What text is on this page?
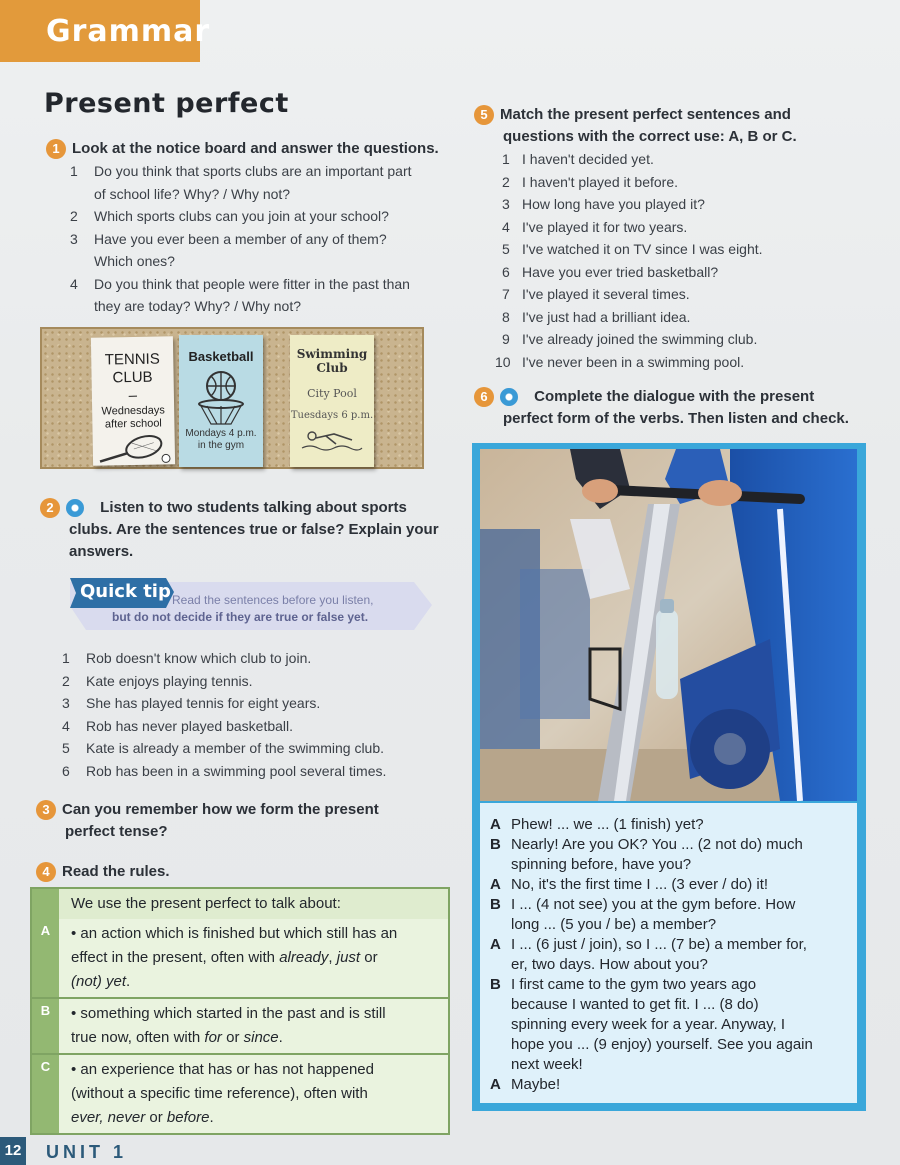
Grammar
Present perfect
1 Look at the notice board and answer the questions.
1 Do you think that sports clubs are an important part
of school life? Why? / Why not?
2 Which sports clubs can you join at your school?
3 Have you ever been a member of any of them?
Which ones?
4 Do you think that people were fitter in the past than
they are today? Why? / Why not?
TENNIS
CLUB
–
Wednesdays
after school
Basketball
Mondays 4 p.m.
in the gym
Swimming
Club
City Pool
Tuesdays 6 p.m.
2	Listen to two students talking about sports
clubs. Are the sentences true or false? Explain your
answers.
Quick tip Read the sentences before you listen,
but do not decide if they are true or false yet.
1 Rob doesn't know which club to join.
2 Kate enjoys playing tennis.
3 She has played tennis for eight years.
4 Rob has never played basketball.
5 Kate is already a member of the swimming club.
6 Rob has been in a swimming pool several times.
3 Can you remember how we form the present
perfect tense?
4 Read the rules.
We use the present perfect to talk about:
A	• an action which is finished but which still has an
effect in the present, often with already, just or
(not) yet.
B	• something which started in the past and is still
true now, often with for or since.
C	• an experience that has or has not happened
(without a specific time reference), often with
ever, never or before.
5 Match the present perfect sentences and
questions with the correct use: A, B or C.
1 I haven't decided yet.
2 I haven't played it before.
3 How long have you played it?
4 I've played it for two years.
5 I've watched it on TV since I was eight.
6 Have you ever tried basketball?
7 I've played it several times.
8 I've just had a brilliant idea.
9 I've already joined the swimming club.
10 I've never been in a swimming pool.
6	Complete the dialogue with the present
perfect form of the verbs. Then listen and check.
A Phew! ... we ... (1 finish) yet?
B Nearly! Are you OK? You ... (2 not do) much
spinning before, have you?
A No, it's the first time I ... (3 ever / do) it!
B I ... (4 not see) you at the gym before. How
long ... (5 you / be) a member?
A I ... (6 just / join), so I ... (7 be) a member for,
er, two days. How about you?
B I first came to the gym two years ago
because I wanted to get fit. I ... (8 do)
spinning every week for a year. Anyway, I
hope you ... (9 enjoy) yourself. See you again
next week!
A Maybe!
12 UNIT 1
